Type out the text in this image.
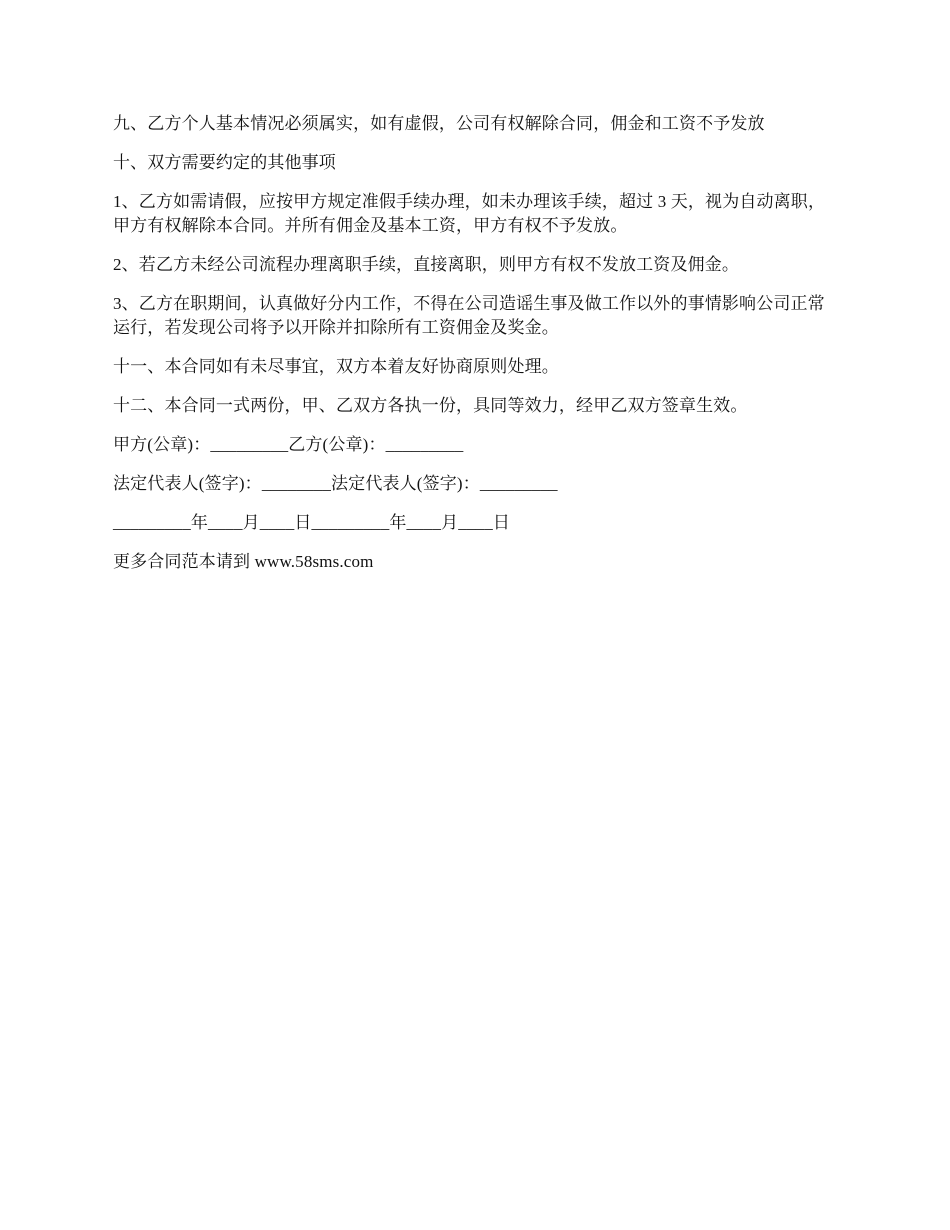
九、乙方个人基本情况必须属实，如有虚假，公司有权解除合同，佣金和工资不予发放

十、双方需要约定的其他事项

1、乙方如需请假，应按甲方规定准假手续办理，如未办理该手续，超过 3 天，视为自动离职，甲方有权解除本合同。并所有佣金及基本工资，甲方有权不予发放。

2、若乙方未经公司流程办理离职手续，直接离职，则甲方有权不发放工资及佣金。

3、乙方在职期间，认真做好分内工作，不得在公司造谣生事及做工作以外的事情影响公司正常运行，若发现公司将予以开除并扣除所有工资佣金及奖金。

十一、本合同如有未尽事宜，双方本着友好协商原则处理。

十二、本合同一式两份，甲、乙双方各执一份，具同等效力，经甲乙双方签章生效。

甲方(公章)：_________乙方(公章)：_________

法定代表人(签字)：________法定代表人(签字)：_________

_________年____月____日_________年____月____日

更多合同范本请到 www.58sms.com
